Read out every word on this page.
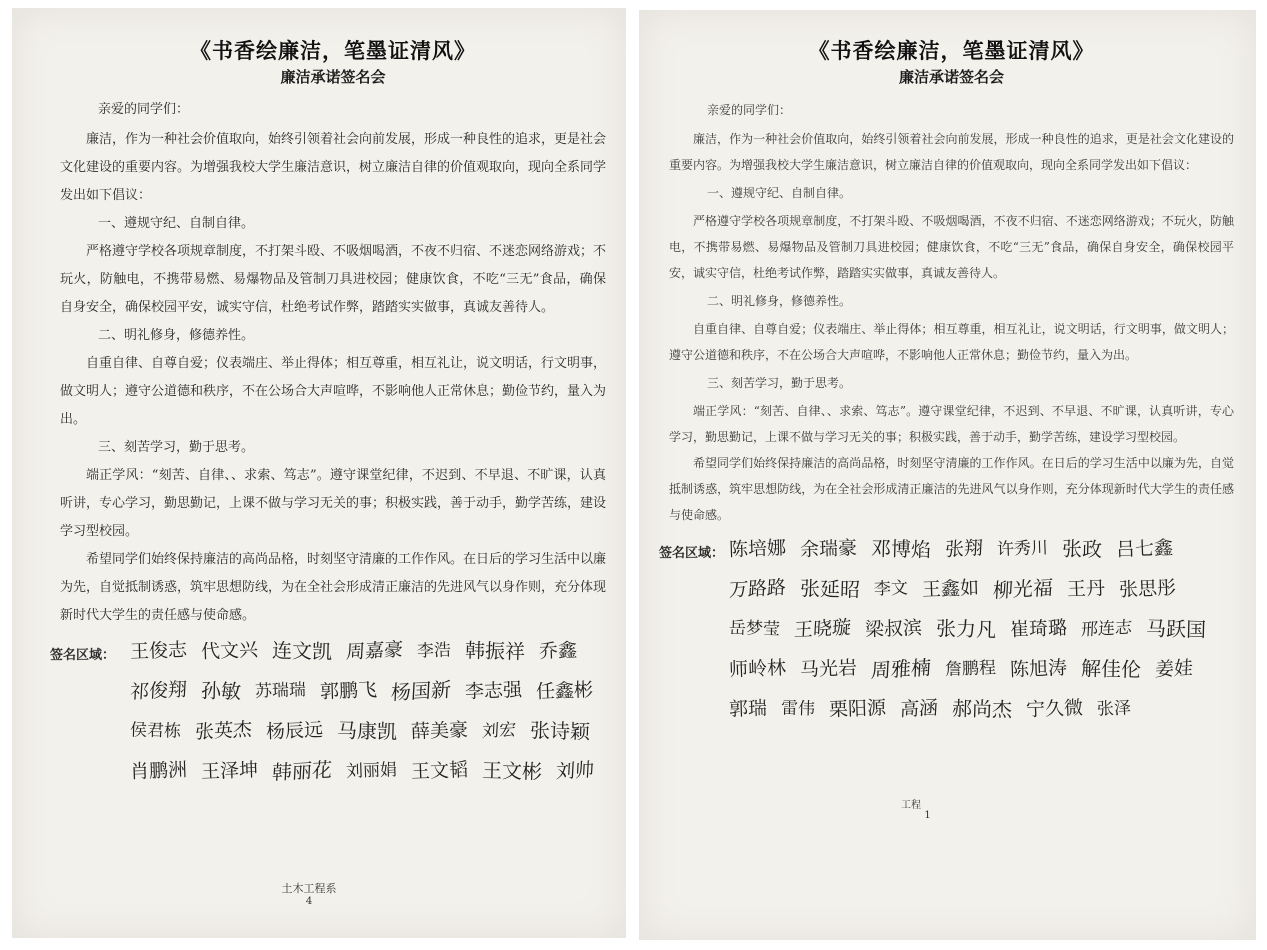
《书香绘廉洁，笔墨证清风》
廉洁承诺签名会

亲爱的同学们：

廉洁，作为一种社会价值取向，始终引领着社会向前发展，形成一种良性的追求，更是社会文化建设的重要内容。为增强我校大学生廉洁意识，树立廉洁自律的价值观取向，现向全系同学发出如下倡议：

一、遵规守纪、自制自律。

严格遵守学校各项规章制度，不打架斗殴、不吸烟喝酒，不夜不归宿、不迷恋网络游戏；不玩火，防触电，不携带易燃、易爆物品及管制刀具进校园；健康饮食，不吃“三无”食品，确保自身安全，确保校园平安，诚实守信，杜绝考试作弊，踏踏实实做事，真诚友善待人。

二、明礼修身，修德养性。

自重自律、自尊自爱；仪表端庄、举止得体；相互尊重，相互礼让，说文明话，行文明事，做文明人；遵守公道德和秩序，不在公场合大声喧哗，不影响他人正常休息；勤俭节约，量入为出。

三、刻苦学习，勤于思考。

端正学风：“刻苦、自律、、求索、笃志”。遵守课堂纪律，不迟到、不早退、不旷课，认真听讲，专心学习，勤思勤记，上课不做与学习无关的事；积极实践，善于动手，勤学苦练，建设学习型校园。

希望同学们始终保持廉洁的高尚品格，时刻坚守清廉的工作作风。在日后的学习生活中以廉为先，自觉抵制诱惑，筑牢思想防线，为在全社会形成清正廉洁的先进风气以身作则，充分体现新时代大学生的责任感与使命感。

签名区域： 王俊志 代文兴 连文凯 周嘉豪 李浩 韩振祥 乔鑫
祁俊翔 孙敏 苏瑞瑞 郭鹏飞 杨国新 李志强 任鑫彬
侯君栋 张英杰 杨辰远 马康凯 薛美豪 刘宏 张诗颖
肖鹏洲 王泽坤 韩丽花 刘丽娟 王文韬 王文彬 刘帅
土木工程系
4
《书香绘廉洁，笔墨证清风》
廉洁承诺签名会

亲爱的同学们：

廉洁，作为一种社会价值取向，始终引领着社会向前发展，形成一种良性的追求，更是社会文化建设的重要内容。为增强我校大学生廉洁意识，树立廉洁自律的价值观取向，现向全系同学发出如下倡议：

一、遵规守纪、自制自律。

严格遵守学校各项规章制度，不打架斗殴、不吸烟喝酒，不夜不归宿、不迷恋网络游戏；不玩火，防触电，不携带易燃、易爆物品及管制刀具进校园；健康饮食，不吃“三无”食品，确保自身安全，确保校园平安，诚实守信，杜绝考试作弊，踏踏实实做事，真诚友善待人。

二、明礼修身，修德养性。

自重自律、自尊自爱；仪表端庄、举止得体；相互尊重，相互礼让，说文明话，行文明事，做文明人；遵守公道德和秩序，不在公场合大声喧哗，不影响他人正常休息；勤俭节约，量入为出。

三、刻苦学习，勤于思考。

端正学风：“刻苦、自律、、求索、笃志”。遵守课堂纪律，不迟到、不早退、不旷课，认真听讲，专心学习，勤思勤记，上课不做与学习无关的事；积极实践，善于动手，勤学苦练，建设学习型校园。

希望同学们始终保持廉洁的高尚品格，时刻坚守清廉的工作作风。在日后的学习生活中以廉为先，自觉抵制诱惑，筑牢思想防线，为在全社会形成清正廉洁的先进风气以身作则，充分体现新时代大学生的责任感与使命感。

签名区域： 陈培娜 余瑞豪 邓博焰 张翔 许秀川 张政 吕七鑫
万路路 张延昭 李文 王鑫如 柳光福 王丹 张思彤
岳梦莹 王晓璇 梁叔滨 张力凡 崔琦璐 邢连志 马跃国
师岭林 马光岩 周雅楠 詹鹏程 陈旭涛 解佳伦 姜娃
郭瑞 雷伟 栗阳源 高涵 郝尚杰 宁久微 张泽
工程
1
